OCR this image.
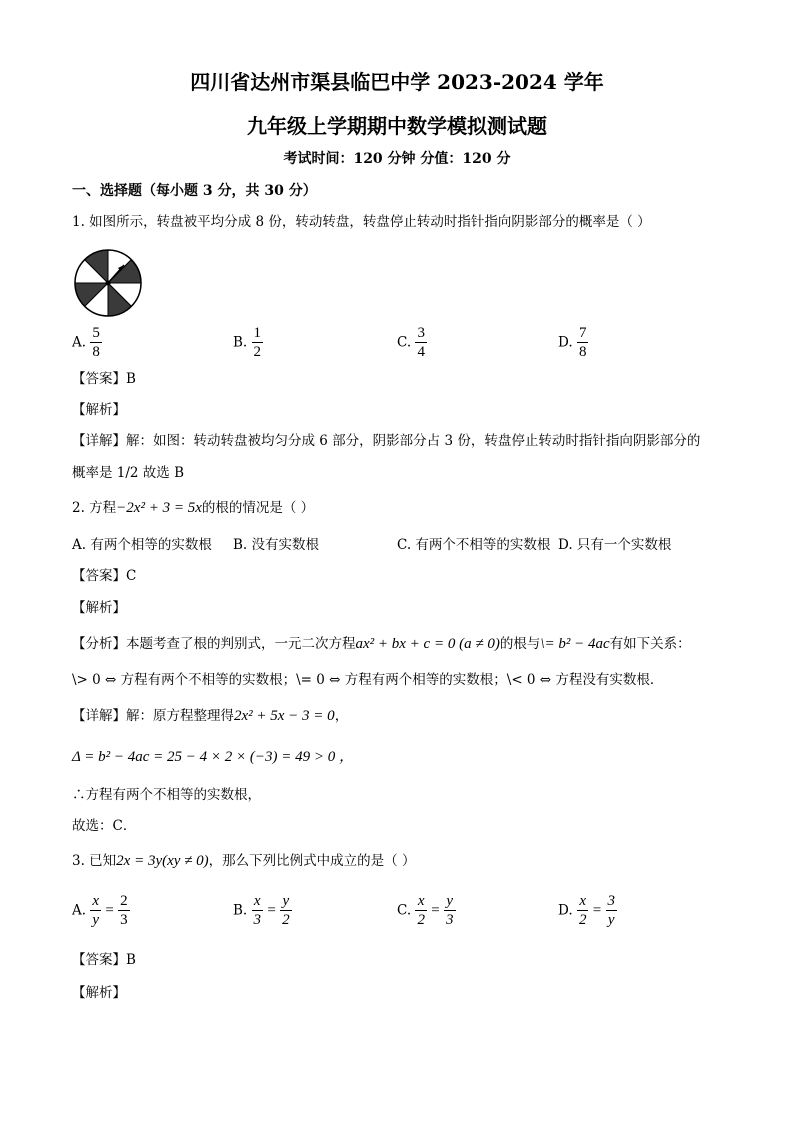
四川省达州市渠县临巴中学 2023-2024 学年
九年级上学期期中数学模拟测试题
考试时间：120 分钟 分值：120 分
一、选择题（每小题 3 分，共 30 分）
1. 如图所示，转盘被平均分成 8 份，转动转盘，转盘停止转动时指针指向阴影部分的概率是（ ）
A. $\frac{5}{8}$	B. $\frac{1}{2}$	C. $\frac{3}{4}$	D. $\frac{7}{8}$
【答案】B
【解析】
【详解】解：如图：转动转盘被均匀分成 6 部分，阴影部分占 3 份，转盘停止转动时指针指向阴影部分的
概率是 1/2 故选 B
2. 方程−2x² + 3 = 5x的根的情况是（ ）
A. 有两个相等的实数根 B. 没有实数根	C. 有两个不相等的实数根 D. 只有一个实数根
【答案】C
【解析】
【分析】本题考查了根的判别式，一元二次方程ax² + bx + c = 0 (a ≠ 0)的根与\= b² − 4ac有如下关系：
\> 0 ⇔ 方程有两个不相等的实数根；\= 0 ⇔ 方程有两个相等的实数根；\< 0 ⇔ 方程没有实数根．
【详解】解：原方程整理得2x² + 5x − 3 = 0，
Δ = b² − 4ac = 25 − 4 × 2 × (−3) = 49 > 0 ，
∴方程有两个不相等的实数根，
故选：C．
3. 已知2x = 3y(xy ≠ 0)，那么下列比例式中成立的是（ ）
A. $\frac{x}{y} = \frac{2}{3}$	B. $\frac{x}{3} = \frac{y}{2}$	C. $\frac{x}{2} = \frac{y}{3}$	D. $\frac{x}{2} = \frac{3}{y}$
【答案】B
【解析】
